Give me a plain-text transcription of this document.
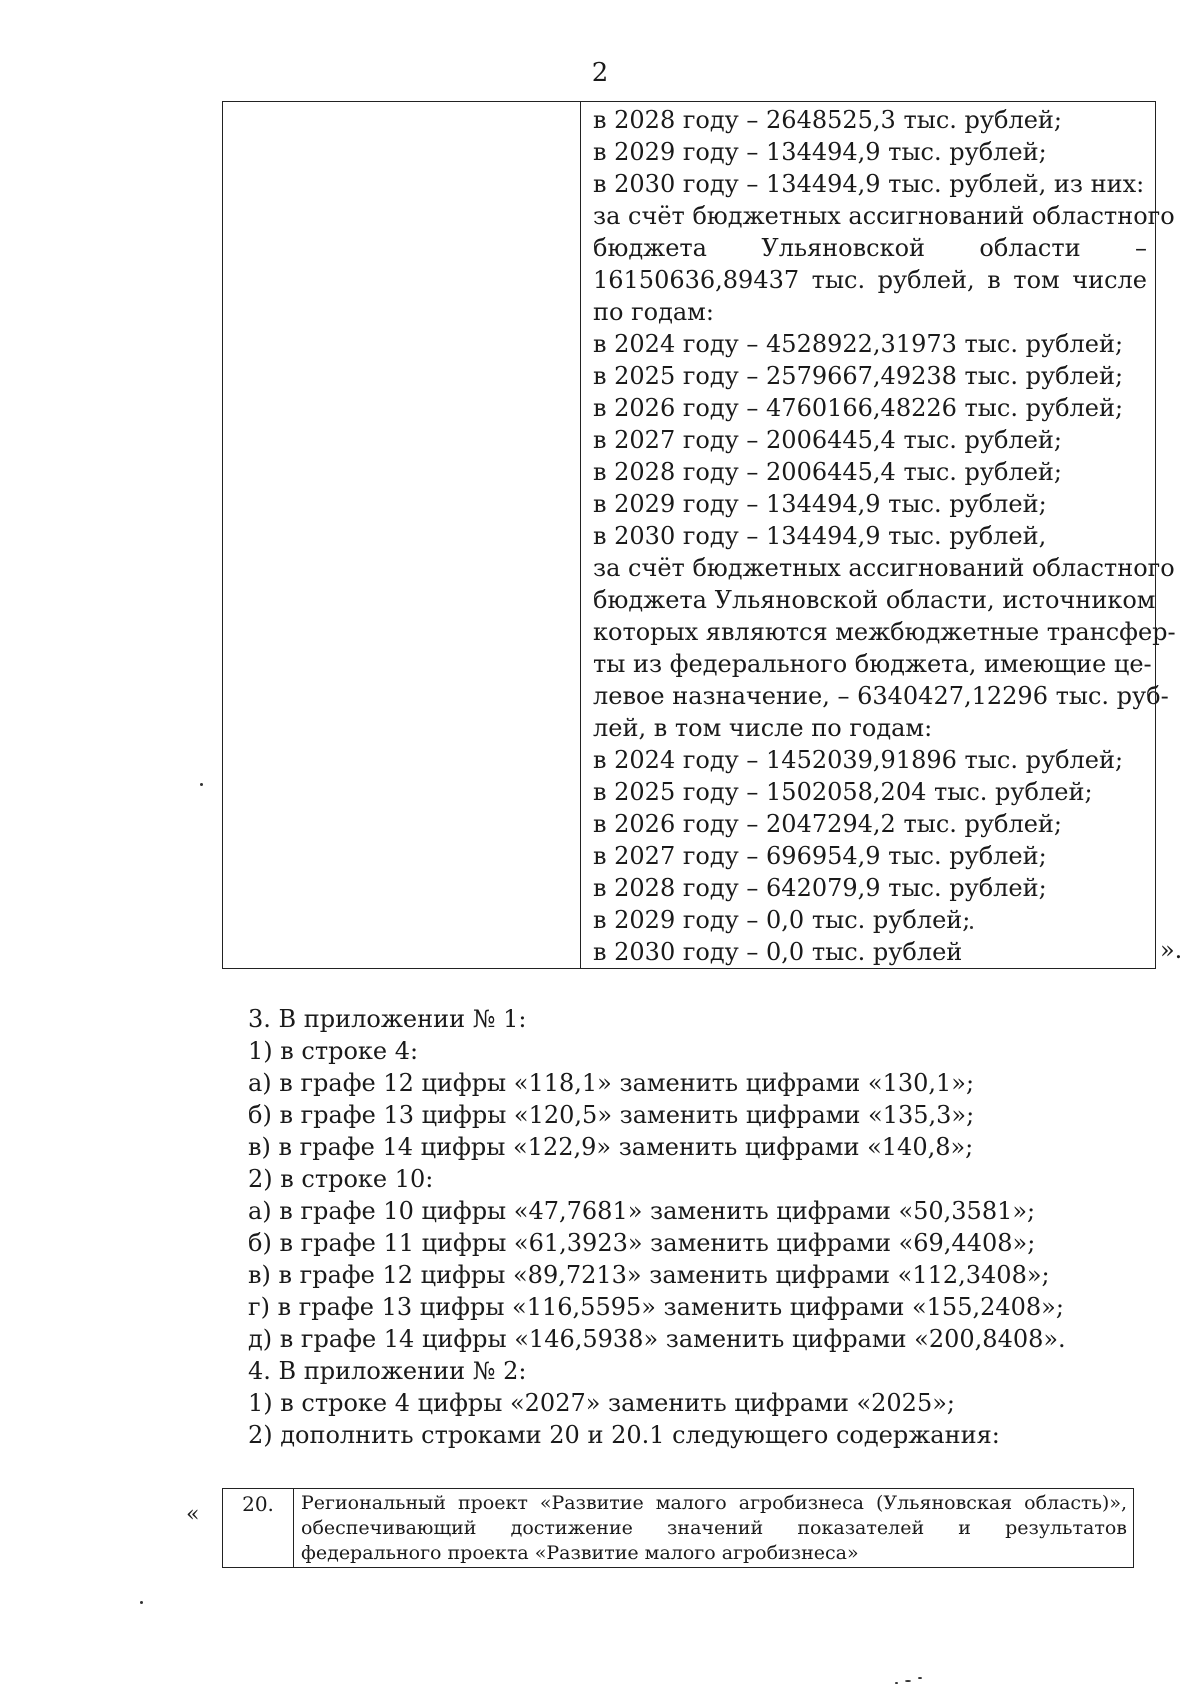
2

в 2028 году – 2648525,3 тыс. рублей;
в 2029 году – 134494,9 тыс. рублей;
в 2030 году – 134494,9 тыс. рублей, из них:
за счёт бюджетных ассигнований областного
бюджета Ульяновской области –
16150636,89437 тыс. рублей, в том числе
по годам:
в 2024 году – 4528922,31973 тыс. рублей;
в 2025 году – 2579667,49238 тыс. рублей;
в 2026 году – 4760166,48226 тыс. рублей;
в 2027 году – 2006445,4 тыс. рублей;
в 2028 году – 2006445,4 тыс. рублей;
в 2029 году – 134494,9 тыс. рублей;
в 2030 году – 134494,9 тыс. рублей,
за счёт бюджетных ассигнований областного
бюджета Ульяновской области, источником
которых являются межбюджетные трансфер-
ты из федерального бюджета, имеющие це-
левое назначение, – 6340427,12296 тыс. руб-
лей, в том числе по годам:
в 2024 году – 1452039,91896 тыс. рублей;
в 2025 году – 1502058,204 тыс. рублей;
в 2026 году – 2047294,2 тыс. рублей;
в 2027 году – 696954,9 тыс. рублей;
в 2028 году – 642079,9 тыс. рублей;
в 2029 году – 0,0 тыс. рублей;
в 2030 году – 0,0 тыс. рублей	».
3. В приложении № 1:
1) в строке 4:
а) в графе 12 цифры «118,1» заменить цифрами «130,1»;
б) в графе 13 цифры «120,5» заменить цифрами «135,3»;
в) в графе 14 цифры «122,9» заменить цифрами «140,8»;
2) в строке 10:
а) в графе 10 цифры «47,7681» заменить цифрами «50,3581»;
б) в графе 11 цифры «61,3923» заменить цифрами «69,4408»;
в) в графе 12 цифры «89,7213» заменить цифрами «112,3408»;
г) в графе 13 цифры «116,5595» заменить цифрами «155,2408»;
д) в графе 14 цифры «146,5938» заменить цифрами «200,8408».
4. В приложении № 2:
1) в строке 4 цифры «2027» заменить цифрами «2025»;
2) дополнить строками 20 и 20.1 следующего содержания:
« 20.	Региональный проект «Развитие малого агробизнеса (Ульяновская область)»,
обеспечивающий достижение значений показателей и результатов
федерального проекта «Развитие малого агробизнеса»
